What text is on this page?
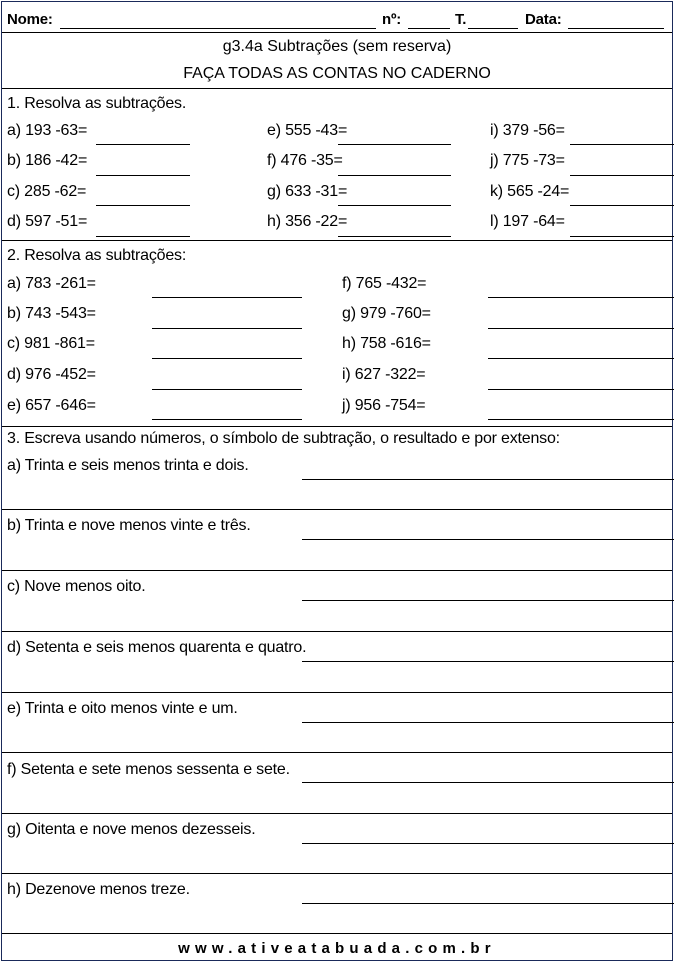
Nome:	nº:	T.	Data:
g3.4a Subtrações (sem reserva)
FAÇA TODAS AS CONTAS NO CADERNO
1. Resolva as subtrações.
a) 193 -63=	e) 555 -43=	i) 379 -56=
b) 186 -42=	f) 476 -35=	j) 775 -73=
c) 285 -62=	g) 633 -31=	k) 565 -24=
d) 597 -51=	h) 356 -22=	l) 197 -64=
2. Resolva as subtrações:
a) 783 -261=	f) 765 -432=
b) 743 -543=	g) 979 -760=
c) 981 -861=	h) 758 -616=
d) 976 -452=	i) 627 -322=
e) 657 -646=	j) 956 -754=
3. Escreva usando números, o símbolo de subtração, o resultado e por extenso:
a) Trinta e seis menos trinta e dois.
b) Trinta e nove menos vinte e três.
c) Nove menos oito.
d) Setenta e seis menos quarenta e quatro.
e) Trinta e oito menos vinte e um.
f) Setenta e sete menos sessenta e sete.
g) Oitenta e nove menos dezesseis.
h) Dezenove menos treze.
www.ativeatabuada.com.br
